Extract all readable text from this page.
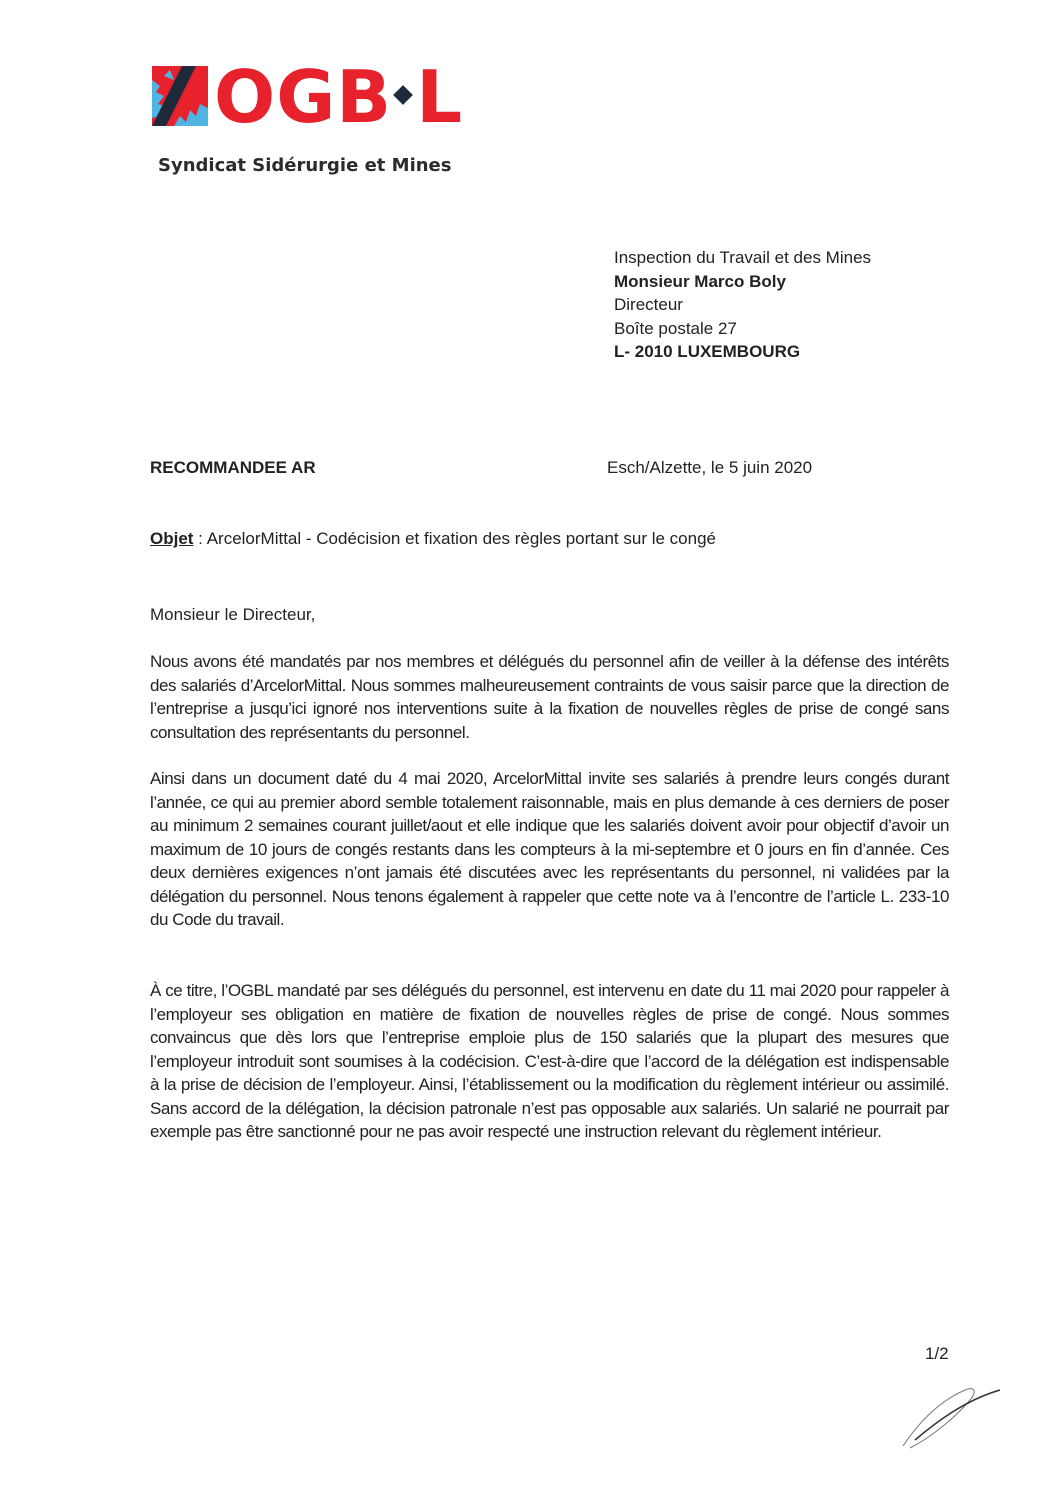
OGB L
Syndicat Sidérurgie et Mines
Inspection du Travail et des Mines
Monsieur Marco Boly
Directeur
Boîte postale 27
L- 2010 LUXEMBOURG
RECOMMANDEE AR	Esch/Alzette, le 5 juin 2020
Objet : ArcelorMittal - Codécision et fixation des règles portant sur le congé
Monsieur le Directeur,
Nous avons été mandatés par nos membres et délégués du personnel afin de veiller à la défense des intérêts des salariés d’ArcelorMittal. Nous sommes malheureusement contraints de vous saisir parce que la direction de l’entreprise a jusqu’ici ignoré nos interventions suite à la fixation de nouvelles règles de prise de congé sans consultation des représentants du personnel.
Ainsi dans un document daté du 4 mai 2020, ArcelorMittal invite ses salariés à prendre leurs congés durant l’année, ce qui au premier abord semble totalement raisonnable, mais en plus demande à ces derniers de poser au minimum 2 semaines courant juillet/aout et elle indique que les salariés doivent avoir pour objectif d’avoir un maximum de 10 jours de congés restants dans les compteurs à la mi-septembre et 0 jours en fin d’année. Ces deux dernières exigences n’ont jamais été discutées avec les représentants du personnel, ni validées par la délégation du personnel. Nous tenons également à rappeler que cette note va à l’encontre de l’article L. 233-10 du Code du travail.
À ce titre, l’OGBL mandaté par ses délégués du personnel, est intervenu en date du 11 mai 2020 pour rappeler à l’employeur ses obligation en matière de fixation de nouvelles règles de prise de congé. Nous sommes convaincus que dès lors que l’entreprise emploie plus de 150 salariés que la plupart des mesures que l’employeur introduit sont soumises à la codécision. C’est-à-dire que l’accord de la délégation est indispensable à la prise de décision de l’employeur. Ainsi, l’établissement ou la modification du règlement intérieur ou assimilé. Sans accord de la délégation, la décision patronale n’est pas opposable aux salariés. Un salarié ne pourrait par exemple pas être sanctionné pour ne pas avoir respecté une instruction relevant du règlement intérieur.
1/2
